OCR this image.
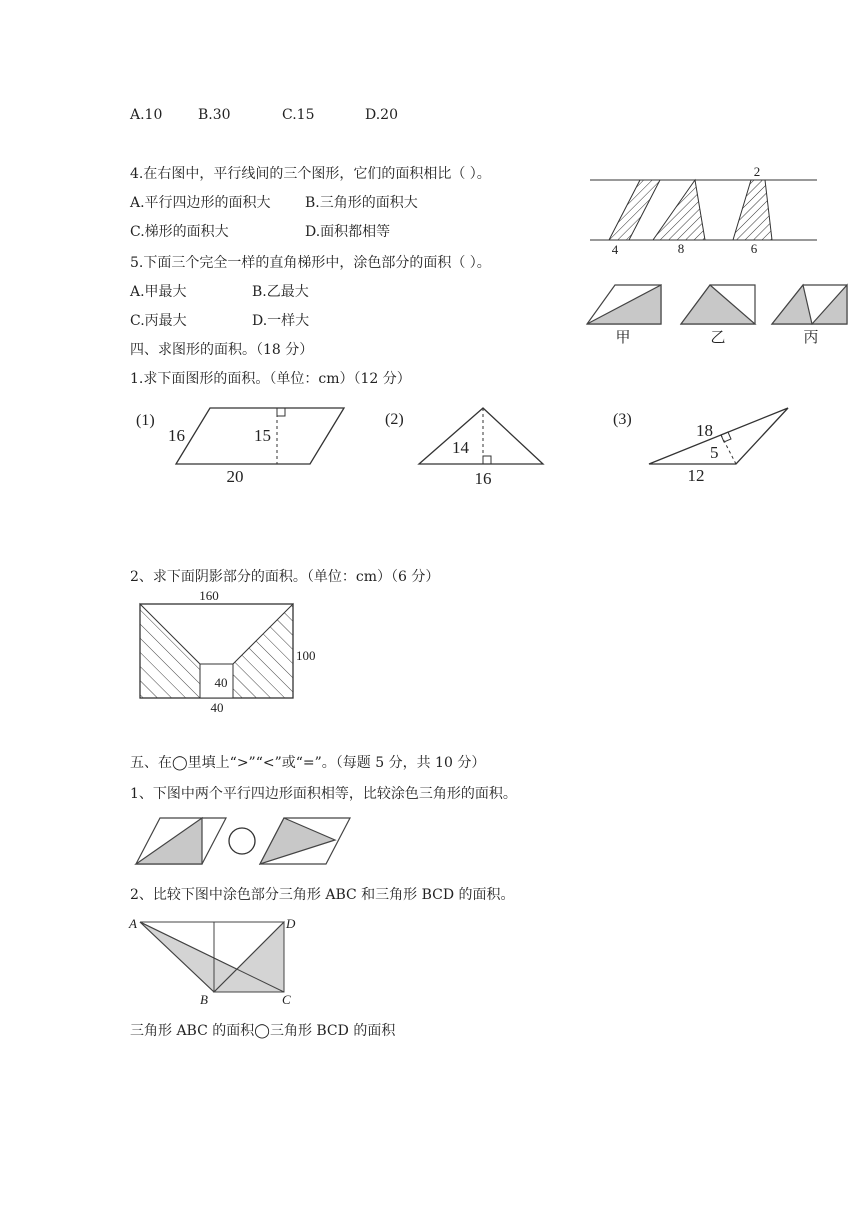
A.10	B.30	C.15	D.20
4.在右图中，平行线间的三个图形，它们的面积相比（ ）。
A.平行四边形的面积大 B.三角形的面积大
C.梯形的面积大	D.面积都相等
5.下面三个完全一样的直角梯形中，涂色部分的面积（ ）。
A.甲最大	B.乙最大
C.丙最大	D.一样大
四、求图形的面积。（18 分）
1.求下面图形的面积。（单位：cm）（12 分）
2、求下面阴影部分的面积。（单位：cm）（6 分）
五、在◯里填上“>”“<”或“=”。（每题 5 分，共 10 分）
1、下图中两个平行四边形面积相等，比较涂色三角形的面积。
2、比较下图中涂色部分三角形 ABC 和三角形 BCD 的面积。
三角形 ABC 的面积◯三角形 BCD 的面积
2
4	8	6
甲	乙	丙
(1)
16	15
20
(2)
14
16
(3)
18
5
12
160
100
40
40
A	D
B	C
